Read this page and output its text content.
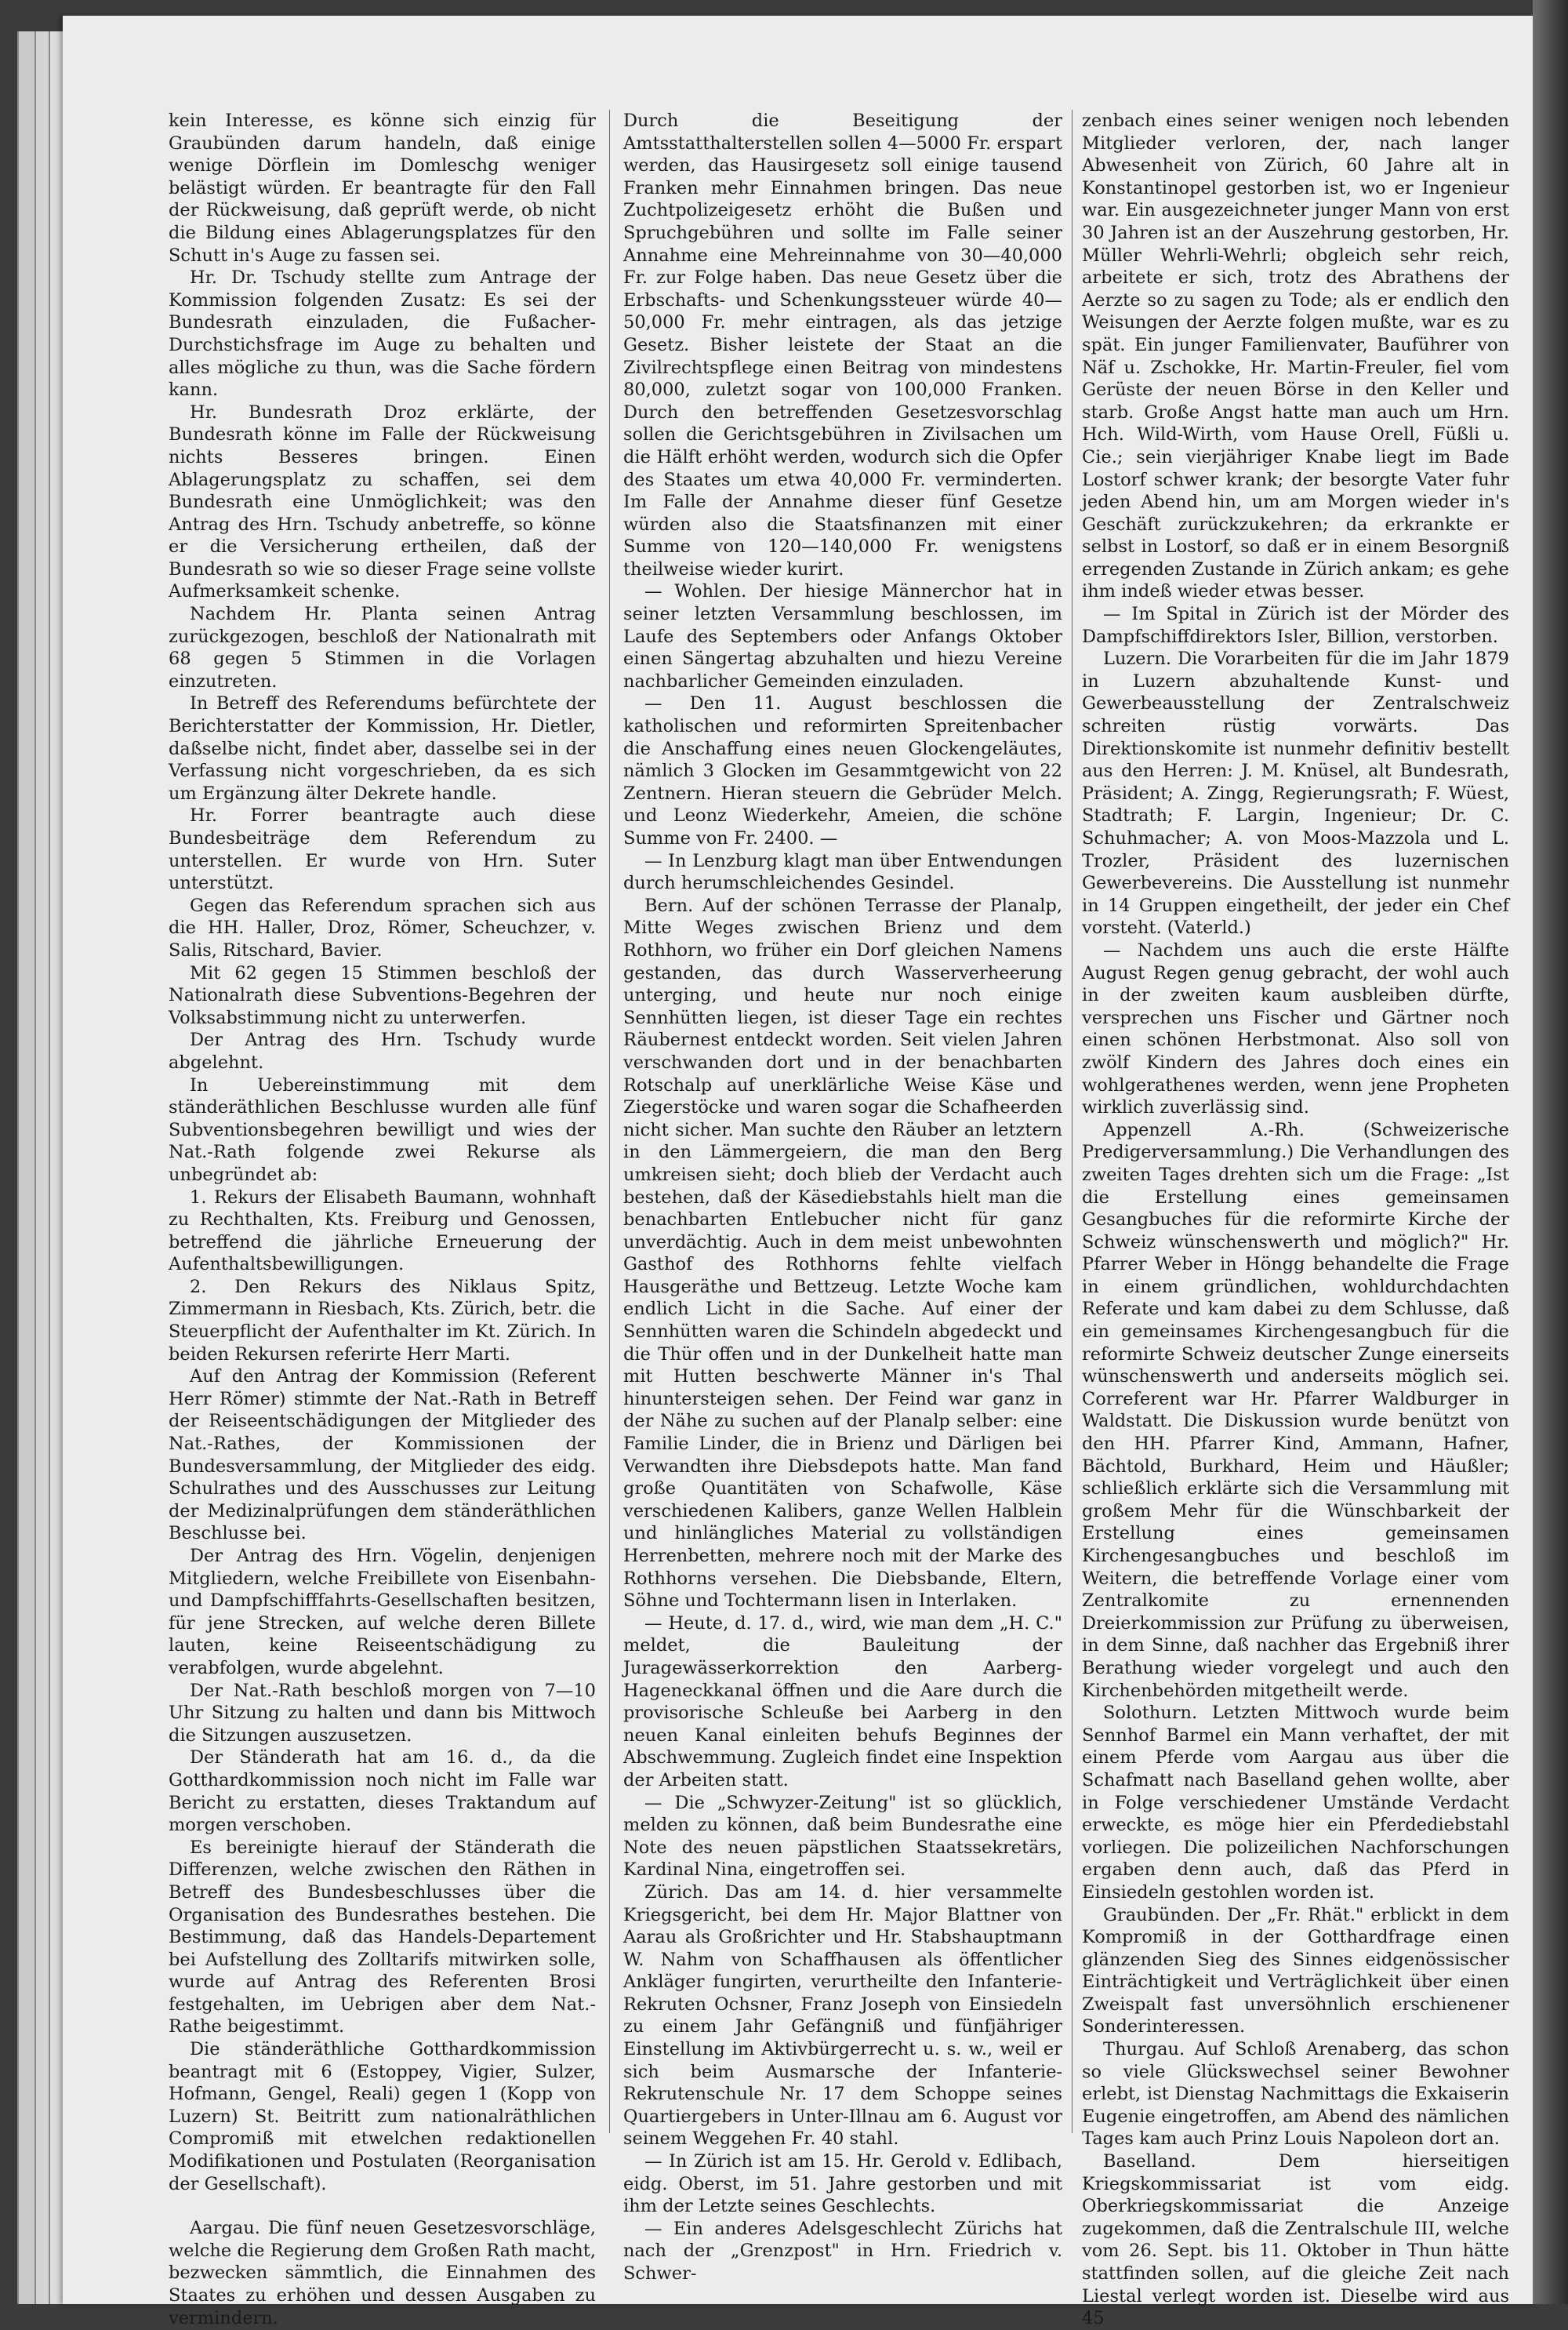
kein Interesse, es könne sich einzig für Graubünden darum handeln, daß einige wenige Dörflein im Domleschg weniger belästigt würden. Er beantragte für den Fall der Rückweisung, daß geprüft werde, ob nicht die Bildung eines Ablagerungsplatzes für den Schutt in's Auge zu fassen sei.

Hr. Dr. Tschudy stellte zum Antrage der Kommission folgenden Zusatz: Es sei der Bundesrath einzuladen, die Fußacher-Durchstichsfrage im Auge zu behalten und alles mögliche zu thun, was die Sache fördern kann.

Hr. Bundesrath Droz erklärte, der Bundesrath könne im Falle der Rückweisung nichts Besseres bringen. Einen Ablagerungsplatz zu schaffen, sei dem Bundesrath eine Unmöglichkeit; was den Antrag des Hrn. Tschudy anbetreffe, so könne er die Versicherung ertheilen, daß der Bundesrath so wie so dieser Frage seine vollste Aufmerksamkeit schenke.

Nachdem Hr. Planta seinen Antrag zurückgezogen, beschloß der Nationalrath mit 68 gegen 5 Stimmen in die Vorlagen einzutreten.

In Betreff des Referendums befürchtete der Berichterstatter der Kommission, Hr. Dietler, daßselbe nicht, findet aber, dasselbe sei in der Verfassung nicht vorgeschrieben, da es sich um Ergänzung älter Dekrete handle.

Hr. Forrer beantragte auch diese Bundesbeiträge dem Referendum zu unterstellen. Er wurde von Hrn. Suter unterstützt.

Gegen das Referendum sprachen sich aus die HH. Haller, Droz, Römer, Scheuchzer, v. Salis, Ritschard, Bavier.

Mit 62 gegen 15 Stimmen beschloß der Nationalrath diese Subventions-Begehren der Volksabstimmung nicht zu unterwerfen.

Der Antrag des Hrn. Tschudy wurde abgelehnt.

In Uebereinstimmung mit dem ständeräthlichen Beschlusse wurden alle fünf Subventionsbegehren bewilligt und wies der Nat.-Rath folgende zwei Rekurse als unbegründet ab:

1. Rekurs der Elisabeth Baumann, wohnhaft zu Rechthalten, Kts. Freiburg und Genossen, betreffend die jährliche Erneuerung der Aufenthaltsbewilligungen.

2. Den Rekurs des Niklaus Spitz, Zimmermann in Riesbach, Kts. Zürich, betr. die Steuerpflicht der Aufenthalter im Kt. Zürich. In beiden Rekursen referirte Herr Marti.

Auf den Antrag der Kommission (Referent Herr Römer) stimmte der Nat.-Rath in Betreff der Reiseentschädigungen der Mitglieder des Nat.-Rathes, der Kommissionen der Bundesversammlung, der Mitglieder des eidg. Schulrathes und des Ausschusses zur Leitung der Medizinalprüfungen dem ständeräthlichen Beschlusse bei.

Der Antrag des Hrn. Vögelin, denjenigen Mitgliedern, welche Freibillete von Eisenbahn- und Dampfschifffahrts-Gesellschaften besitzen, für jene Strecken, auf welche deren Billete lauten, keine Reiseentschädigung zu verabfolgen, wurde abgelehnt.

Der Nat.-Rath beschloß morgen von 7—10 Uhr Sitzung zu halten und dann bis Mittwoch die Sitzungen auszusetzen.

Der Ständerath hat am 16. d., da die Gotthardkommission noch nicht im Falle war Bericht zu erstatten, dieses Traktandum auf morgen verschoben.

Es bereinigte hierauf der Ständerath die Differenzen, welche zwischen den Räthen in Betreff des Bundesbeschlusses über die Organisation des Bundesrathes bestehen. Die Bestimmung, daß das Handels-Departement bei Aufstellung des Zolltarifs mitwirken solle, wurde auf Antrag des Referenten Brosi festgehalten, im Uebrigen aber dem Nat.-Rathe beigestimmt.

Die ständeräthliche Gotthardkommission beantragt mit 6 (Estoppey, Vigier, Sulzer, Hofmann, Gengel, Reali) gegen 1 (Kopp von Luzern) St. Beitritt zum nationalräthlichen Compromiß mit etwelchen redaktionellen Modifikationen und Postulaten (Reorganisation der Gesellschaft).

Aargau. Die fünf neuen Gesetzesvorschläge, welche die Regierung dem Großen Rath macht, bezwecken sämmtlich, die Einnahmen des Staates zu erhöhen und dessen Ausgaben zu vermindern.

Durch die Beseitigung der Amtsstatthalterstellen sollen 4—5000 Fr. erspart werden, das Hausirgesetz soll einige tausend Franken mehr Einnahmen bringen. Das neue Zuchtpolizeigesetz erhöht die Bußen und Spruchgebühren und sollte im Falle seiner Annahme eine Mehreinnahme von 30—40,000 Fr. zur Folge haben. Das neue Gesetz über die Erbschafts- und Schenkungssteuer würde 40—50,000 Fr. mehr eintragen, als das jetzige Gesetz. Bisher leistete der Staat an die Zivilrechtspflege einen Beitrag von mindestens 80,000, zuletzt sogar von 100,000 Franken. Durch den betreffenden Gesetzesvorschlag sollen die Gerichtsgebühren in Zivilsachen um die Hälft erhöht werden, wodurch sich die Opfer des Staates um etwa 40,000 Fr. verminderten. Im Falle der Annahme dieser fünf Gesetze würden also die Staatsfinanzen mit einer Summe von 120—140,000 Fr. wenigstens theilweise wieder kurirt.

— Wohlen. Der hiesige Männerchor hat in seiner letzten Versammlung beschlossen, im Laufe des Septembers oder Anfangs Oktober einen Sängertag abzuhalten und hiezu Vereine nachbarlicher Gemeinden einzuladen.

— Den 11. August beschlossen die katholischen und reformirten Spreitenbacher die Anschaffung eines neuen Glockengeläutes, nämlich 3 Glocken im Gesammtgewicht von 22 Zentnern. Hieran steuern die Gebrüder Melch. und Leonz Wiederkehr, Ameien, die schöne Summe von Fr. 2400. —

— In Lenzburg klagt man über Entwendungen durch herumschleichendes Gesindel.

Bern. Auf der schönen Terrasse der Planalp, Mitte Weges zwischen Brienz und dem Rothhorn, wo früher ein Dorf gleichen Namens gestanden, das durch Wasserverheerung unterging, und heute nur noch einige Sennhütten liegen, ist dieser Tage ein rechtes Räubernest entdeckt worden. Seit vielen Jahren verschwanden dort und in der benachbarten Rotschalp auf unerklärliche Weise Käse und Ziegerstöcke und waren sogar die Schafheerden nicht sicher. Man suchte den Räuber an letztern in den Lämmergeiern, die man den Berg umkreisen sieht; doch blieb der Verdacht auch bestehen, daß der Käsediebstahls hielt man die benachbarten Entlebucher nicht für ganz unverdächtig. Auch in dem meist unbewohnten Gasthof des Rothhorns fehlte vielfach Hausgeräthe und Bettzeug. Letzte Woche kam endlich Licht in die Sache. Auf einer der Sennhütten waren die Schindeln abgedeckt und die Thür offen und in der Dunkelheit hatte man mit Hutten beschwerte Männer in's Thal hinuntersteigen sehen. Der Feind war ganz in der Nähe zu suchen auf der Planalp selber: eine Familie Linder, die in Brienz und Därligen bei Verwandten ihre Diebsdepots hatte. Man fand große Quantitäten von Schafwolle, Käse verschiedenen Kalibers, ganze Wellen Halblein und hinlängliches Material zu vollständigen Herrenbetten, mehrere noch mit der Marke des Rothhorns versehen. Die Diebsbande, Eltern, Söhne und Tochtermann lisen in Interlaken.

— Heute, d. 17. d., wird, wie man dem „H. C." meldet, die Bauleitung der Juragewässerkorrektion den Aarberg-Hageneckkanal öffnen und die Aare durch die provisorische Schleuße bei Aarberg in den neuen Kanal einleiten behufs Beginnes der Abschwemmung. Zugleich findet eine Inspektion der Arbeiten statt.

— Die „Schwyzer-Zeitung" ist so glücklich, melden zu können, daß beim Bundesrathe eine Note des neuen päpstlichen Staatssekretärs, Kardinal Nina, eingetroffen sei.

Zürich. Das am 14. d. hier versammelte Kriegsgericht, bei dem Hr. Major Blattner von Aarau als Großrichter und Hr. Stabshauptmann W. Nahm von Schaffhausen als öffentlicher Ankläger fungirten, verurtheilte den Infanterie-Rekruten Ochsner, Franz Joseph von Einsiedeln zu einem Jahr Gefängniß und fünfjähriger Einstellung im Aktivbürgerrecht u. s. w., weil er sich beim Ausmarsche der Infanterie-Rekrutenschule Nr. 17 dem Schoppe seines Quartiergebers in Unter-Illnau am 6. August vor seinem Weggehen Fr. 40 stahl.

— In Zürich ist am 15. Hr. Gerold v. Edlibach, eidg. Oberst, im 51. Jahre gestorben und mit ihm der Letzte seines Geschlechts.

— Ein anderes Adelsgeschlecht Zürichs hat nach der „Grenzpost" in Hrn. Friedrich v. Schwer-

zenbach eines seiner wenigen noch lebenden Mitglieder verloren, der, nach langer Abwesenheit von Zürich, 60 Jahre alt in Konstantinopel gestorben ist, wo er Ingenieur war. Ein ausgezeichneter junger Mann von erst 30 Jahren ist an der Auszehrung gestorben, Hr. Müller Wehrli-Wehrli; obgleich sehr reich, arbeitete er sich, trotz des Abrathens der Aerzte so zu sagen zu Tode; als er endlich den Weisungen der Aerzte folgen mußte, war es zu spät. Ein junger Familienvater, Bauführer von Näf u. Zschokke, Hr. Martin-Freuler, fiel vom Gerüste der neuen Börse in den Keller und starb. Große Angst hatte man auch um Hrn. Hch. Wild-Wirth, vom Hause Orell, Füßli u. Cie.; sein vierjähriger Knabe liegt im Bade Lostorf schwer krank; der besorgte Vater fuhr jeden Abend hin, um am Morgen wieder in's Geschäft zurückzukehren; da erkrankte er selbst in Lostorf, so daß er in einem Besorgniß erregenden Zustande in Zürich ankam; es gehe ihm indeß wieder etwas besser.

— Im Spital in Zürich ist der Mörder des Dampfschiffdirektors Isler, Billion, verstorben.

Luzern. Die Vorarbeiten für die im Jahr 1879 in Luzern abzuhaltende Kunst- und Gewerbeausstellung der Zentralschweiz schreiten rüstig vorwärts. Das Direktionskomite ist nunmehr definitiv bestellt aus den Herren: J. M. Knüsel, alt Bundesrath, Präsident; A. Zingg, Regierungsrath; F. Wüest, Stadtrath; F. Largin, Ingenieur; Dr. C. Schuhmacher; A. von Moos-Mazzola und L. Trozler, Präsident des luzernischen Gewerbevereins. Die Ausstellung ist nunmehr in 14 Gruppen eingetheilt, der jeder ein Chef vorsteht. (Vaterld.)

— Nachdem uns auch die erste Hälfte August Regen genug gebracht, der wohl auch in der zweiten kaum ausbleiben dürfte, versprechen uns Fischer und Gärtner noch einen schönen Herbstmonat. Also soll von zwölf Kindern des Jahres doch eines ein wohlgerathenes werden, wenn jene Propheten wirklich zuverlässig sind.

Appenzell A.-Rh. (Schweizerische Predigerversammlung.) Die Verhandlungen des zweiten Tages drehten sich um die Frage: „Ist die Erstellung eines gemeinsamen Gesangbuches für die reformirte Kirche der Schweiz wünschenswerth und möglich?" Hr. Pfarrer Weber in Höngg behandelte die Frage in einem gründlichen, wohldurchdachten Referate und kam dabei zu dem Schlusse, daß ein gemeinsames Kirchengesangbuch für die reformirte Schweiz deutscher Zunge einerseits wünschenswerth und anderseits möglich sei. Correferent war Hr. Pfarrer Waldburger in Waldstatt. Die Diskussion wurde benützt von den HH. Pfarrer Kind, Ammann, Hafner, Bächtold, Burkhard, Heim und Häußler; schließlich erklärte sich die Versammlung mit großem Mehr für die Wünschbarkeit der Erstellung eines gemeinsamen Kirchengesangbuches und beschloß im Weitern, die betreffende Vorlage einer vom Zentralkomite zu ernennenden Dreierkommission zur Prüfung zu überweisen, in dem Sinne, daß nachher das Ergebniß ihrer Berathung wieder vorgelegt und auch den Kirchenbehörden mitgetheilt werde.

Solothurn. Letzten Mittwoch wurde beim Sennhof Barmel ein Mann verhaftet, der mit einem Pferde vom Aargau aus über die Schafmatt nach Baselland gehen wollte, aber in Folge verschiedener Umstände Verdacht erweckte, es möge hier ein Pferdediebstahl vorliegen. Die polizeilichen Nachforschungen ergaben denn auch, daß das Pferd in Einsiedeln gestohlen worden ist.

Graubünden. Der „Fr. Rhät." erblickt in dem Kompromiß in der Gotthardfrage einen glänzenden Sieg des Sinnes eidgenössischer Einträchtigkeit und Verträglichkeit über einen Zweispalt fast unversöhnlich erschienener Sonderinteressen.

Thurgau. Auf Schloß Arenaberg, das schon so viele Glückswechsel seiner Bewohner erlebt, ist Dienstag Nachmittags die Exkaiserin Eugenie eingetroffen, am Abend des nämlichen Tages kam auch Prinz Louis Napoleon dort an.

Baselland. Dem hierseitigen Kriegskommissariat ist vom eidg. Oberkriegskommissariat die Anzeige zugekommen, daß die Zentralschule III, welche vom 26. Sept. bis 11. Oktober in Thun hätte stattfinden sollen, auf die gleiche Zeit nach Liestal verlegt worden ist. Dieselbe wird aus 45
